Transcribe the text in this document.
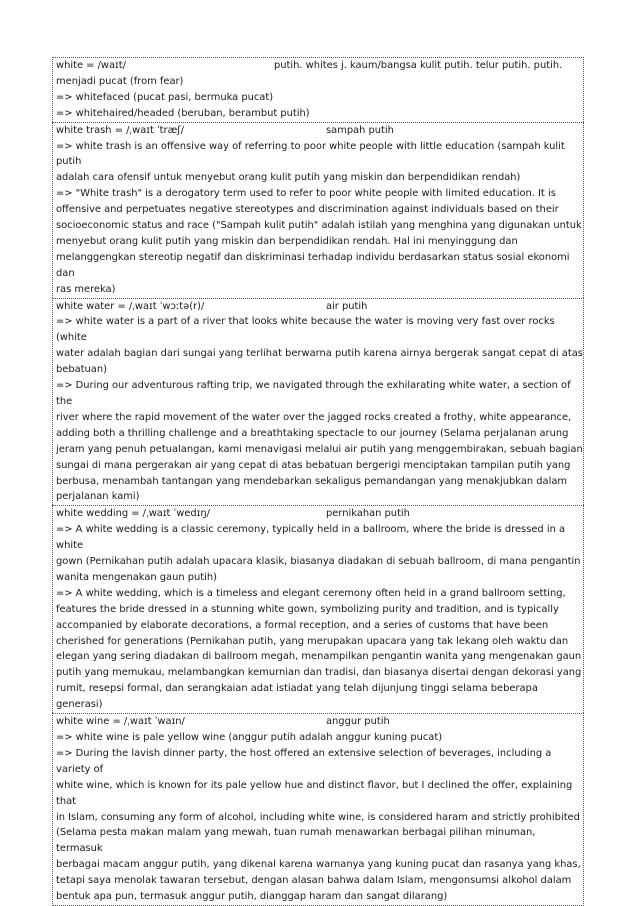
white = /waɪt/	putih. whites j. kaum/bangsa kulit putih. telur putih. putih.
menjadi pucat (from fear)
=> whitefaced (pucat pasi, bermuka pucat)
=> whitehaired/headed (beruban, berambut putih)
white trash = /ˌwaɪt ˈtræʃ/	sampah putih
=> white trash is an offensive way of referring to poor white people with little education (sampah kulit putih
adalah cara ofensif untuk menyebut orang kulit putih yang miskin dan berpendidikan rendah)
=> "White trash" is a derogatory term used to refer to poor white people with limited education. It is
offensive and perpetuates negative stereotypes and discrimination against individuals based on their
socioeconomic status and race ("Sampah kulit putih" adalah istilah yang menghina yang digunakan untuk
menyebut orang kulit putih yang miskin dan berpendidikan rendah. Hal ini menyinggung dan
melanggengkan stereotip negatif dan diskriminasi terhadap individu berdasarkan status sosial ekonomi dan
ras mereka)
white water = /ˌwaɪt ˈwɔːtə(r)/	air putih
=> white water is a part of a river that looks white because the water is moving very fast over rocks (white
water adalah bagian dari sungai yang terlihat berwarna putih karena airnya bergerak sangat cepat di atas
bebatuan)
=> During our adventurous rafting trip, we navigated through the exhilarating white water, a section of the
river where the rapid movement of the water over the jagged rocks created a frothy, white appearance,
adding both a thrilling challenge and a breathtaking spectacle to our journey (Selama perjalanan arung
jeram yang penuh petualangan, kami menavigasi melalui air putih yang menggembirakan, sebuah bagian
sungai di mana pergerakan air yang cepat di atas bebatuan bergerigi menciptakan tampilan putih yang
berbusa, menambah tantangan yang mendebarkan sekaligus pemandangan yang menakjubkan dalam
perjalanan kami)
white wedding = /ˌwaɪt ˈwedɪŋ/	pernikahan putih
=> A white wedding is a classic ceremony, typically held in a ballroom, where the bride is dressed in a white
gown (Pernikahan putih adalah upacara klasik, biasanya diadakan di sebuah ballroom, di mana pengantin
wanita mengenakan gaun putih)
=> A white wedding, which is a timeless and elegant ceremony often held in a grand ballroom setting,
features the bride dressed in a stunning white gown, symbolizing purity and tradition, and is typically
accompanied by elaborate decorations, a formal reception, and a series of customs that have been
cherished for generations (Pernikahan putih, yang merupakan upacara yang tak lekang oleh waktu dan
elegan yang sering diadakan di ballroom megah, menampilkan pengantin wanita yang mengenakan gaun
putih yang memukau, melambangkan kemurnian dan tradisi, dan biasanya disertai dengan dekorasi yang
rumit, resepsi formal, dan serangkaian adat istiadat yang telah dijunjung tinggi selama beberapa generasi)
white wine = /ˌwaɪt ˈwaɪn/	anggur putih
=> white wine is pale yellow wine (anggur putih adalah anggur kuning pucat)
=> During the lavish dinner party, the host offered an extensive selection of beverages, including a variety of
white wine, which is known for its pale yellow hue and distinct flavor, but I declined the offer, explaining that
in Islam, consuming any form of alcohol, including white wine, is considered haram and strictly prohibited
(Selama pesta makan malam yang mewah, tuan rumah menawarkan berbagai pilihan minuman, termasuk
berbagai macam anggur putih, yang dikenal karena warnanya yang kuning pucat dan rasanya yang khas,
tetapi saya menolak tawaran tersebut, dengan alasan bahwa dalam Islam, mengonsumsi alkohol dalam
bentuk apa pun, termasuk anggur putih, dianggap haram dan sangat dilarang)
